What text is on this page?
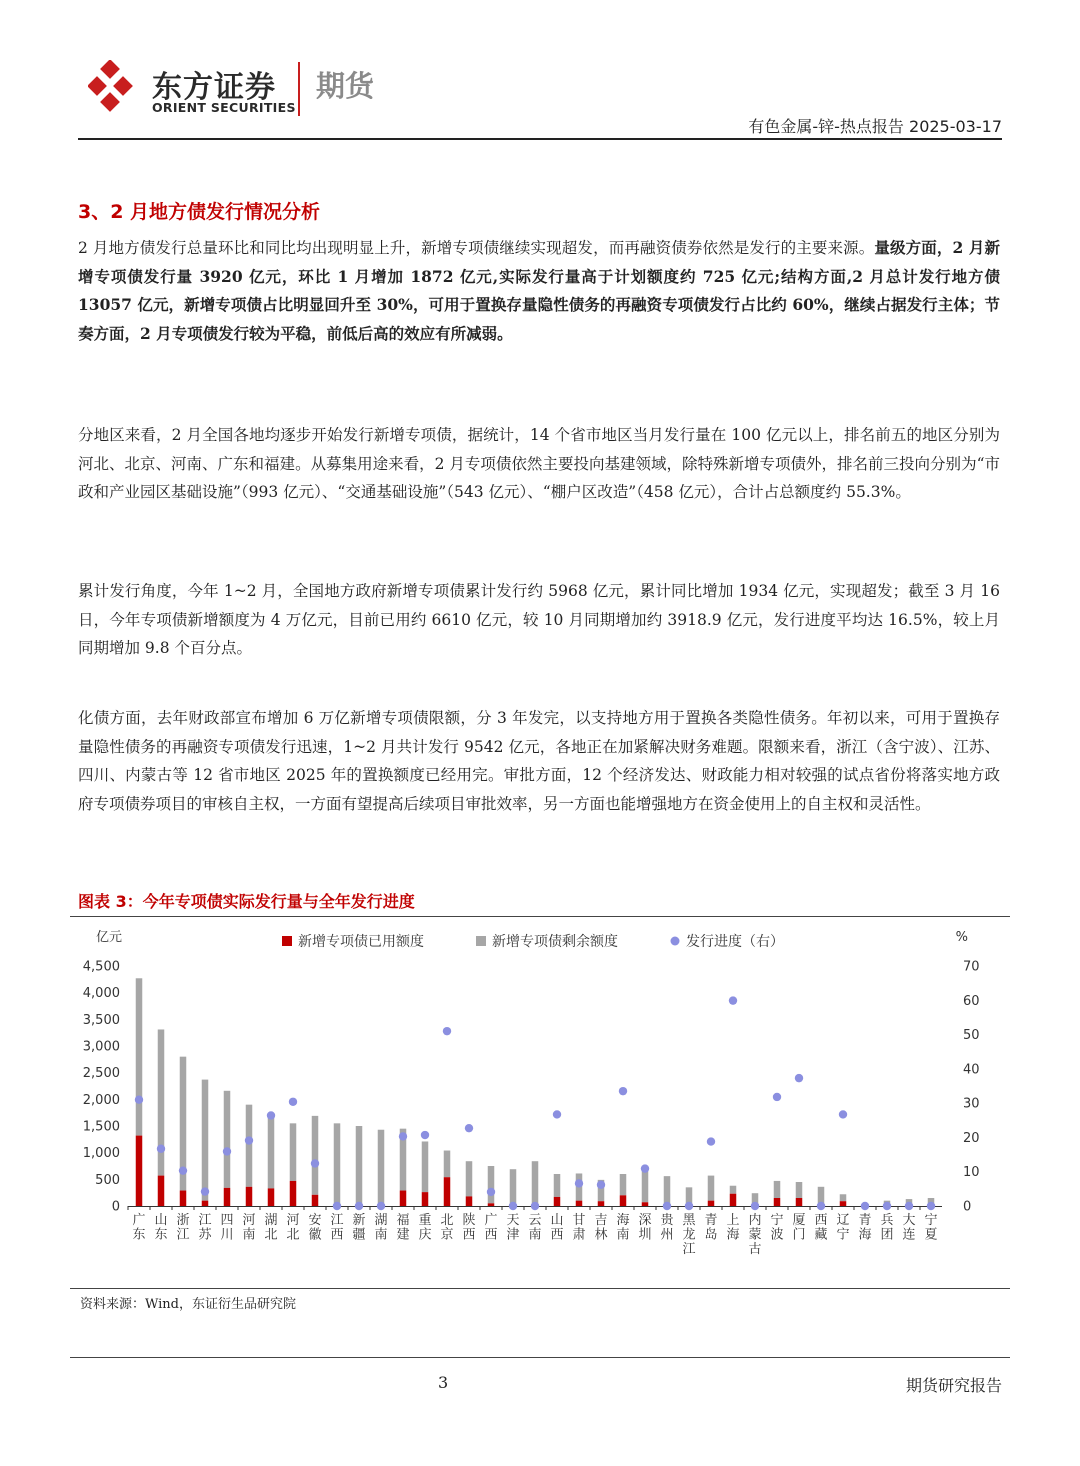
东方证券
ORIENT SECURITIES
期货
有色金属-锌-热点报告 2025-03-17
3、2 月地方债发行情况分析
2 月地方债发行总量环比和同比均出现明显上升，新增专项债继续实现超发，而再融资债券依然是发行的主要来源。量级方面，2 月新增专项债发行量 3920 亿元，环比 1 月增加 1872 亿元,实际发行量高于计划额度约 725 亿元;结构方面,2 月总计发行地方债 13057 亿元，新增专项债占比明显回升至 30%，可用于置换存量隐性债务的再融资专项债发行占比约 60%，继续占据发行主体；节奏方面，2 月专项债发行较为平稳，前低后高的效应有所减弱。
分地区来看，2 月全国各地均逐步开始发行新增专项债，据统计，14 个省市地区当月发行量在 100 亿元以上，排名前五的地区分别为河北、北京、河南、广东和福建。从募集用途来看，2 月专项债依然主要投向基建领域，除特殊新增专项债外，排名前三投向分别为“市政和产业园区基础设施”（993 亿元）、“交通基础设施”（543 亿元）、“棚户区改造”（458 亿元），合计占总额度约 55.3%。
累计发行角度，今年 1~2 月，全国地方政府新增专项债累计发行约 5968 亿元，累计同比增加 1934 亿元，实现超发；截至 3 月 16 日，今年专项债新增额度为 4 万亿元，目前已用约 6610 亿元，较 10 月同期增加约 3918.9 亿元，发行进度平均达 16.5%，较上月同期增加 9.8 个百分点。
化债方面，去年财政部宣布增加 6 万亿新增专项债限额，分 3 年发完，以支持地方用于置换各类隐性债务。年初以来，可用于置换存量隐性债务的再融资专项债发行迅速，1~2 月共计发行 9542 亿元，各地正在加紧解决财务难题。限额来看，浙江（含宁波）、江苏、四川、内蒙古等 12 省市地区 2025 年的置换额度已经用完。审批方面，12 个经济发达、财政能力相对较强的试点省份将落实地方政府专项债券项目的审核自主权，一方面有望提高后续项目审批效率，另一方面也能增强地方在资金使用上的自主权和灵活性。
图表 3：今年专项债实际发行量与全年发行进度
亿元	%
0
500
1,000
1,500
2,000
2,500
3,000
3,500
4,000
4,500
0
10
20
30
40
50
60
70
广
东
山
东
浙
江
江
苏
四
川
河
南
湖
北
河
北
安
徽
江
西
新
疆
湖
南
福
建
重
庆
北
京
陕
西
广
西
天
津
云
南
山
西
甘
肃
吉
林
海
南
深
圳
贵
州
黑
龙
江
青
岛
上
海
内
蒙
古
宁
波
厦
门
西
藏
辽
宁
青
海
兵
团
大
连
宁
夏
新增专项债已用额度	新增专项债剩余额度	发行进度（右）
资料来源：Wind，东证衍生品研究院
3	期货研究报告
